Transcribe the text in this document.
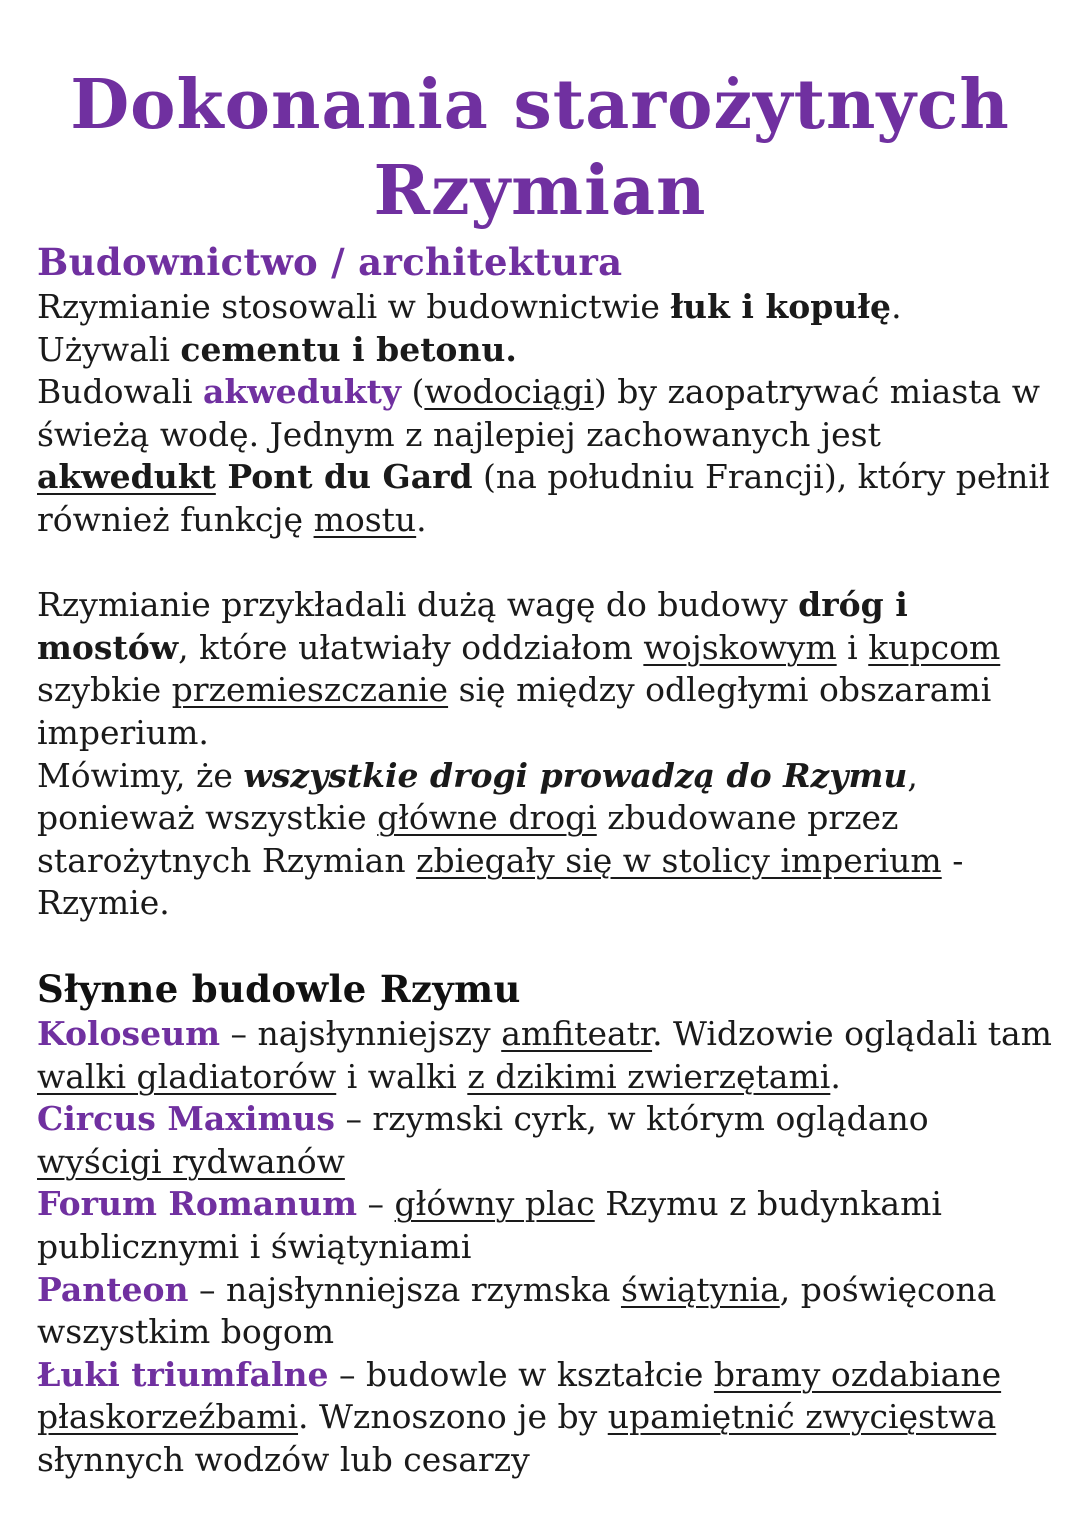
Dokonania starożytnych
Rzymian
Budownictwo / architektura

Rzymianie stosowali w budownictwie łuk i kopułę.

Używali cementu i betonu.

Budowali akwedukty (wodociągi) by zaopatrywać miasta w świeżą wodę. Jednym z najlepiej zachowanych jest akwedukt Pont du Gard (na południu Francji), który pełnił również funkcję mostu.

Rzymianie przykładali dużą wagę do budowy dróg i mostów, które ułatwiały oddziałom wojskowym i kupcom szybkie przemieszczanie się między odległymi obszarami imperium.

Mówimy, że wszystkie drogi prowadzą do Rzymu, ponieważ wszystkie główne drogi zbudowane przez starożytnych Rzymian zbiegały się w stolicy imperium - Rzymie.

Słynne budowle Rzymu

Koloseum – najsłynniejszy amfiteatr. Widzowie oglądali tam walki gladiatorów i walki z dzikimi zwierzętami.

Circus Maximus – rzymski cyrk, w którym oglądano wyścigi rydwanów

Forum Romanum – główny plac Rzymu z budynkami publicznymi i świątyniami

Panteon – najsłynniejsza rzymska świątynia, poświęcona wszystkim bogom

Łuki triumfalne – budowle w kształcie bramy ozdabiane płaskorzeźbami. Wznoszono je by upamiętnić zwycięstwa słynnych wodzów lub cesarzy
